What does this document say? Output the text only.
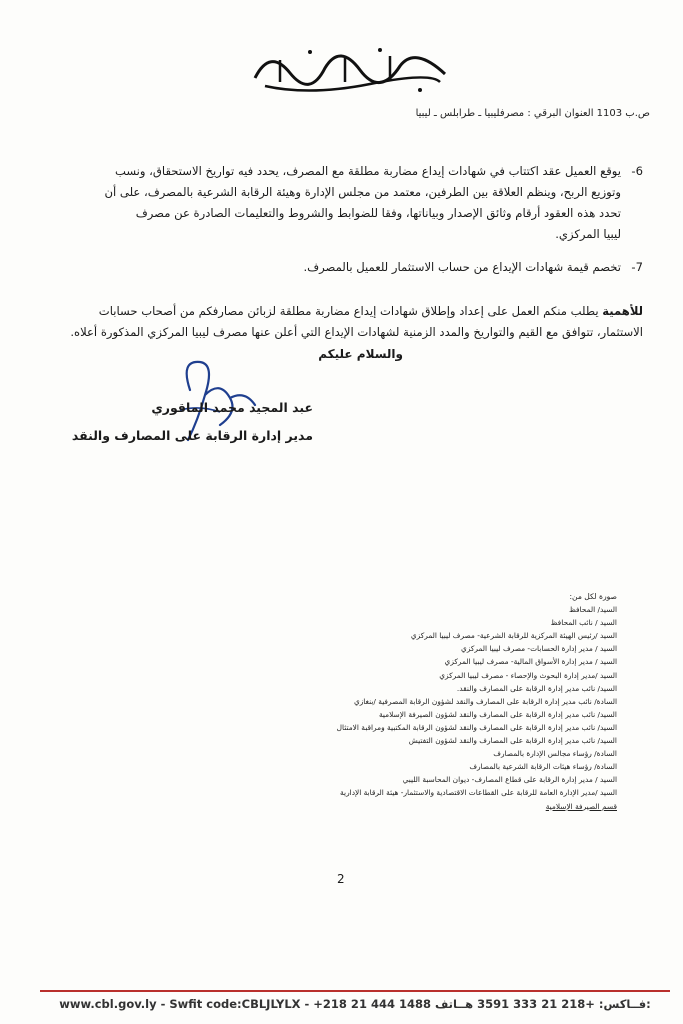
ص.ب 1103 العنوان البرقي : مصرفليبيا ـ طرابلس ـ ليبيا
6-يوقع العميل عقد اكتتاب في شهادات إيداع مضاربة مطلقة مع المصرف، يحدد فيه تواريخ الاستحقاق، ونسب
وتوزيع الربح، وينظم العلاقة بين الطرفين، معتمد من مجلس الإدارة وهيئة الرقابة الشرعية بالمصرف، على أن
تحدد هذه العقود أرقام وثائق الإصدار وبياناتها، وفقا للضوابط والشروط والتعليمات الصادرة عن مصرف
ليبيا المركزي.
7-تخصم قيمة شهادات الإيداع من حساب الاستثمار للعميل بالمصرف.
للأهمية يطلب منكم العمل على إعداد وإطلاق شهادات إيداع مضاربة مطلقة لزبائن مصارفكم من أصحاب حسابات
الاستثمار، تتوافق مع القيم والتواريخ والمدد الزمنية لشهادات الإيداع التي أعلن عنها مصرف ليبيا المركزي المذكورة أعلاه.
والسلام عليكم
عبد المجيد محمد الماقوري
مدير إدارة الرقابة على المصارف والنقد
صورة لكل من:
السيد/ المحافظ
السيد / نائب المحافظ
السيد /رئيس الهيئة المركزية للرقابة الشرعية- مصرف ليبيا المركزي
السيد / مدير إدارة الحسابات- مصرف ليبيا المركزي
السيد / مدير إدارة الأسواق المالية- مصرف ليبيا المركزي
السيد /مدير إدارة البحوث والإحصاء - مصرف ليبيا المركزي
السيد/ نائب مدير إدارة الرقابة على المصارف والنقد.
السادة/ نائب مدير إدارة الرقابة على المصارف والنقد لشؤون الرقابة المصرفية /بنغازي
السيد/ نائب مدير إدارة الرقابة على المصارف والنقد لشؤون الصيرفة الإسلامية
السيد/ نائب مدير إدارة الرقابة على المصارف والنقد لشؤون الرقابة المكتبية ومراقبة الامتثال
السيد/ نائب مدير إدارة الرقابة على المصارف والنقد لشؤون التفتيش
السادة/ رؤساء مجالس الإدارة بالمصارف
السادة/ رؤساء هيئات الرقابة الشرعية بالمصارف
السيد / مدير إدارة الرقابة على قطاع المصارف- ديوان المحاسبة الليبي
السيد /مدير الإدارة العامة للرقابة على القطاعات الاقتصادية والاستثمار- هيئة الرقابة الإدارية
قسم الصيرفة الإسلامية
2
www.cbl.gov.ly - Swfit code:CBLJLYLX - +218 21 444 1488 فــاكس: +218 21 333 3591 هــاتف:
